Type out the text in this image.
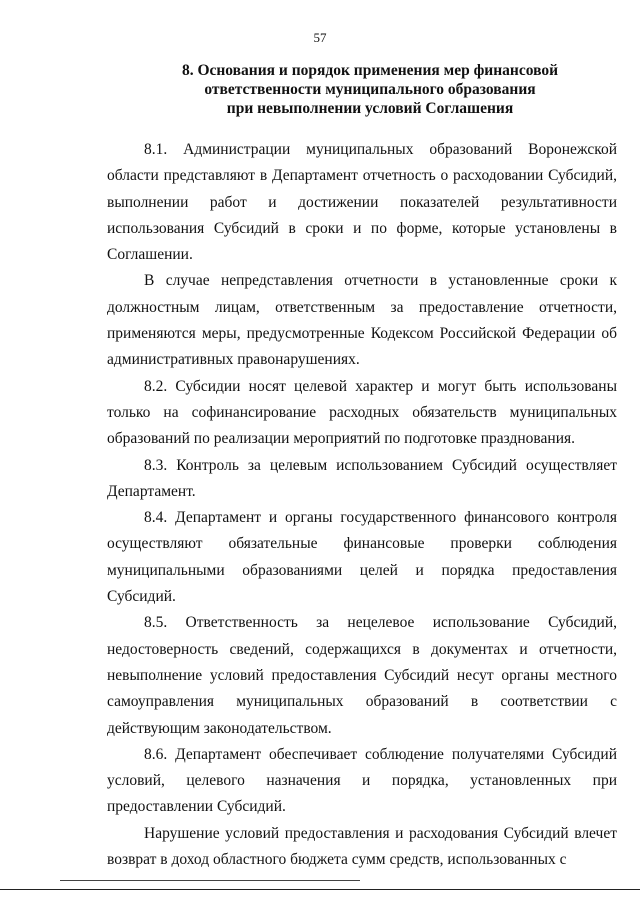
57
8. Основания и порядок применения мер финансовой
ответственности муниципального образования
при невыполнении условий Соглашения

8.1. Администрации муниципальных образований Воронежской области представляют в Департамент отчетность о расходовании Субсидий, выполнении работ и достижении показателей результативности использования Субсидий в сроки и по форме, которые установлены в Соглашении.

В случае непредставления отчетности в установленные сроки к должностным лицам, ответственным за предоставление отчетности, применяются меры, предусмотренные Кодексом Российской Федерации об административных правонарушениях.

8.2. Субсидии носят целевой характер и могут быть использованы только на софинансирование расходных обязательств муниципальных образований по реализации мероприятий по подготовке празднования.

8.3. Контроль за целевым использованием Субсидий осуществляет Департамент.

8.4. Департамент и органы государственного финансового контроля осуществляют обязательные финансовые проверки соблюдения муниципальными образованиями целей и порядка предоставления Субсидий.

8.5. Ответственность за нецелевое использование Субсидий, недостоверность сведений, содержащихся в документах и отчетности, невыполнение условий предоставления Субсидий несут органы местного самоуправления муниципальных образований в соответствии с действующим законодательством.

8.6. Департамент обеспечивает соблюдение получателями Субсидий условий, целевого назначения и порядка, установленных при предоставлении Субсидий.

Нарушение условий предоставления и расходования Субсидий влечет возврат в доход областного бюджета сумм средств, использованных с
